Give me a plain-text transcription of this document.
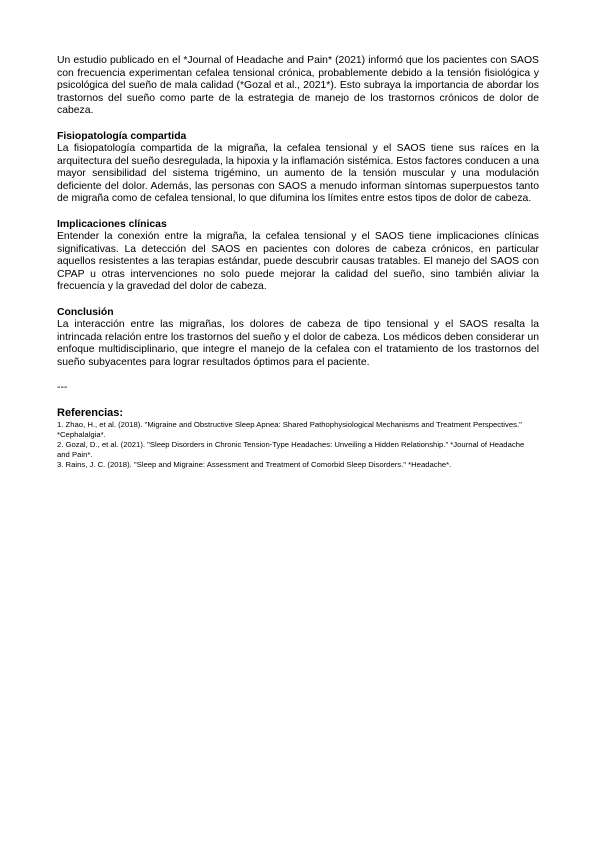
Un estudio publicado en el *Journal of Headache and Pain* (2021) informó que los pacientes con SAOS con frecuencia experimentan cefalea tensional crónica, probablemente debido a la tensión fisiológica y psicológica del sueño de mala calidad (*Gozal et al., 2021*). Esto subraya la importancia de abordar los trastornos del sueño como parte de la estrategia de manejo de los trastornos crónicos de dolor de cabeza.

Fisiopatología compartida

La fisiopatología compartida de la migraña, la cefalea tensional y el SAOS tiene sus raíces en la arquitectura del sueño desregulada, la hipoxia y la inflamación sistémica. Estos factores conducen a una mayor sensibilidad del sistema trigémino, un aumento de la tensión muscular y una modulación deficiente del dolor. Además, las personas con SAOS a menudo informan síntomas superpuestos tanto de migraña como de cefalea tensional, lo que difumina los límites entre estos tipos de dolor de cabeza.

Implicaciones clínicas

Entender la conexión entre la migraña, la cefalea tensional y el SAOS tiene implicaciones clínicas significativas. La detección del SAOS en pacientes con dolores de cabeza crónicos, en particular aquellos resistentes a las terapias estándar, puede descubrir causas tratables. El manejo del SAOS con CPAP u otras intervenciones no solo puede mejorar la calidad del sueño, sino también aliviar la frecuencia y la gravedad del dolor de cabeza.

Conclusión

La interacción entre las migrañas, los dolores de cabeza de tipo tensional y el SAOS resalta la intrincada relación entre los trastornos del sueño y el dolor de cabeza. Los médicos deben considerar un enfoque multidisciplinario, que integre el manejo de la cefalea con el tratamiento de los trastornos del sueño subyacentes para lograr resultados óptimos para el paciente.

---
Referencias:
1. Zhao, H., et al. (2018). "Migraine and Obstructive Sleep Apnea: Shared Pathophysiological Mechanisms and Treatment Perspectives." *Cephalalgia*.
2. Gozal, D., et al. (2021). "Sleep Disorders in Chronic Tension-Type Headaches: Unveiling a Hidden Relationship." *Journal of Headache and Pain*.
3. Rains, J. C. (2018). "Sleep and Migraine: Assessment and Treatment of Comorbid Sleep Disorders." *Headache*.
